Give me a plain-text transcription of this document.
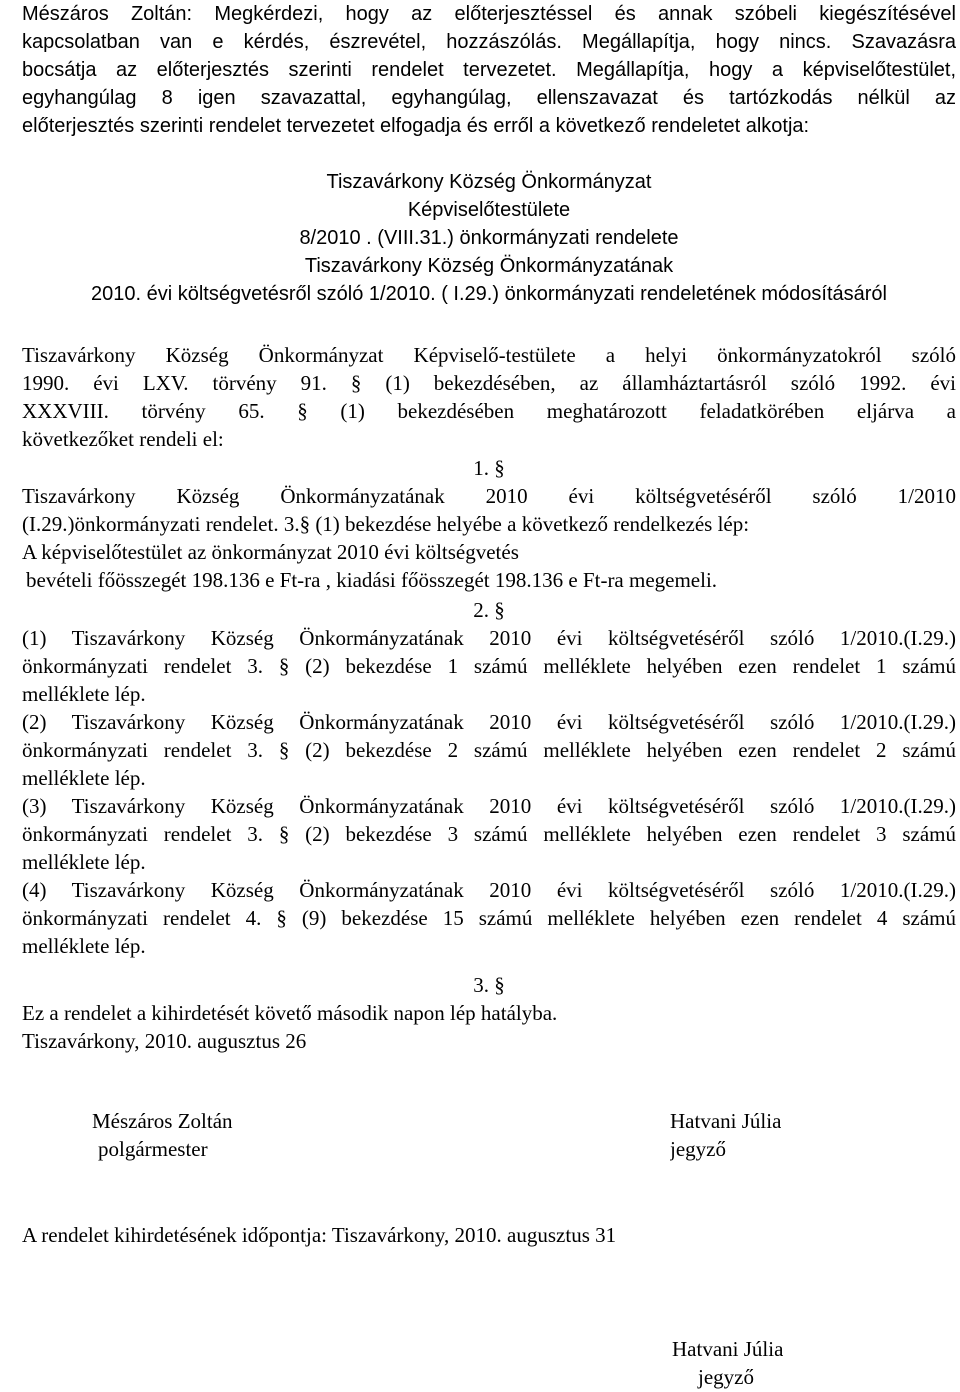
Mészáros Zoltán: Megkérdezi, hogy az előterjesztéssel és annak szóbeli kiegészítésével
kapcsolatban van e kérdés, észrevétel, hozzászólás. Megállapítja, hogy nincs. Szavazásra
bocsátja az előterjesztés szerinti rendelet tervezetet. Megállapítja, hogy a képviselőtestület,
egyhangúlag 8 igen szavazattal, egyhangúlag, ellenszavazat és tartózkodás nélkül az
előterjesztés szerinti rendelet tervezetet elfogadja és erről a következő rendeletet alkotja:
Tiszavárkony Község Önkormányzat
Képviselőtestülete
8/2010 . (VIII.31.) önkormányzati rendelete
Tiszavárkony Község Önkormányzatának
2010. évi költségvetésről szóló 1/2010. ( I.29.) önkormányzati rendeletének módosításáról
Tiszavárkony Község Önkormányzat Képviselő-testülete a helyi önkormányzatokról szóló
1990. évi LXV. törvény 91. § (1) bekezdésében, az államháztartásról szóló 1992. évi
XXXVIII. törvény 65. § (1) bekezdésében meghatározott feladatkörében eljárva a
következőket rendeli el:
1. §
Tiszavárkony Község Önkormányzatának 2010 évi költségvetéséről szóló 1/2010
(I.29.)önkormányzati rendelet. 3.§ (1) bekezdése helyébe a következő rendelkezés lép:
A képviselőtestület az önkormányzat 2010 évi költségvetés
bevételi főösszegét 198.136 e Ft-ra , kiadási főösszegét 198.136 e Ft-ra megemeli.
2. §
(1) Tiszavárkony Község Önkormányzatának 2010 évi költségvetéséről szóló 1/2010.(I.29.)
önkormányzati rendelet 3. § (2) bekezdése 1 számú melléklete helyében ezen rendelet 1 számú
melléklete lép.
(2) Tiszavárkony Község Önkormányzatának 2010 évi költségvetéséről szóló 1/2010.(I.29.)
önkormányzati rendelet 3. § (2) bekezdése 2 számú melléklete helyében ezen rendelet 2 számú
melléklete lép.
(3) Tiszavárkony Község Önkormányzatának 2010 évi költségvetéséről szóló 1/2010.(I.29.)
önkormányzati rendelet 3. § (2) bekezdése 3 számú melléklete helyében ezen rendelet 3 számú
melléklete lép.
(4) Tiszavárkony Község Önkormányzatának 2010 évi költségvetéséről szóló 1/2010.(I.29.)
önkormányzati rendelet 4. § (9) bekezdése 15 számú melléklete helyében ezen rendelet 4 számú
melléklete lép.
3. §
Ez a rendelet a kihirdetését követő második napon lép hatályba.
Tiszavárkony, 2010. augusztus 26
Mészáros Zoltán
polgármester
Hatvani Júlia
jegyző
A rendelet kihirdetésének időpontja: Tiszavárkony, 2010. augusztus 31
Hatvani Júlia
jegyző
